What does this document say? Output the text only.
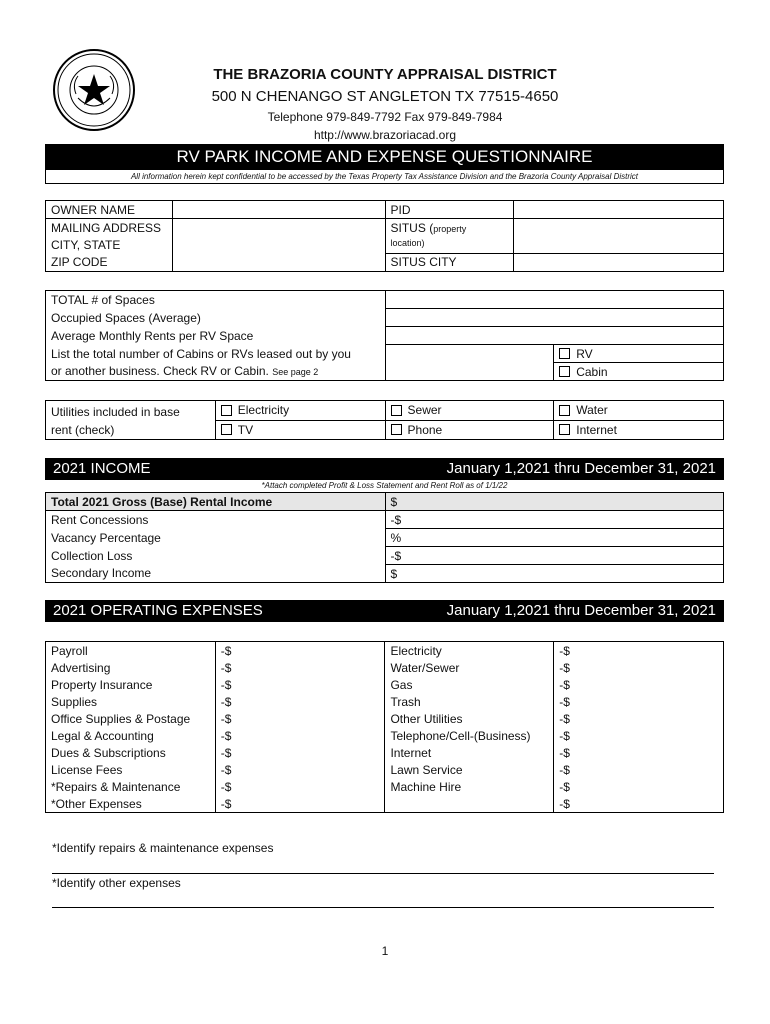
THE BRAZORIA COUNTY APPRAISAL DISTRICT
500 N CHENANGO ST ANGLETON TX 77515-4650
Telephone 979-849-7792 Fax 979-849-7984
http://www.brazoriacad.org
RV PARK INCOME AND EXPENSE QUESTIONNAIRE
All information herein kept confidential to be accessed by the Texas Property Tax Assistance Division and the Brazoria County Appraisal District
OWNER NAME		PID	
MAILING ADDRESS		SITUS (property
location)	
CITY, STATE			
ZIP CODE		SITUS CITY	
TOTAL # of Spaces		
Occupied Spaces (Average)		
Average Monthly Rents per RV Space		
List the total number of Cabins or RVs leased out by you		RV
or another business. Check RV or Cabin. See page 2		Cabin
Utilities included in base
rent (check)	Electricity	Sewer	Water
	TV	Phone	Internet
2021 INCOME	January 1,2021 thru December 31, 2021
*Attach completed Profit & Loss Statement and Rent Roll as of 1/1/22
Total 2021 Gross (Base) Rental Income	$
Rent Concessions	-$
Vacancy Percentage	%
Collection Loss	-$
Secondary Income	$
2021 OPERATING EXPENSES	January 1,2021 thru December 31, 2021
Payroll	-$	Electricity	-$
Advertising	-$	Water/Sewer	-$
Property Insurance	-$	Gas	-$
Supplies	-$	Trash	-$
Office Supplies & Postage	-$	Other Utilities	-$
Legal & Accounting	-$	Telephone/Cell-(Business)	-$
Dues & Subscriptions	-$	Internet	-$
License Fees	-$	Lawn Service	-$
*Repairs & Maintenance	-$	Machine Hire	-$
*Other Expenses	-$		-$
*Identify repairs & maintenance expenses
*Identify other expenses
1
